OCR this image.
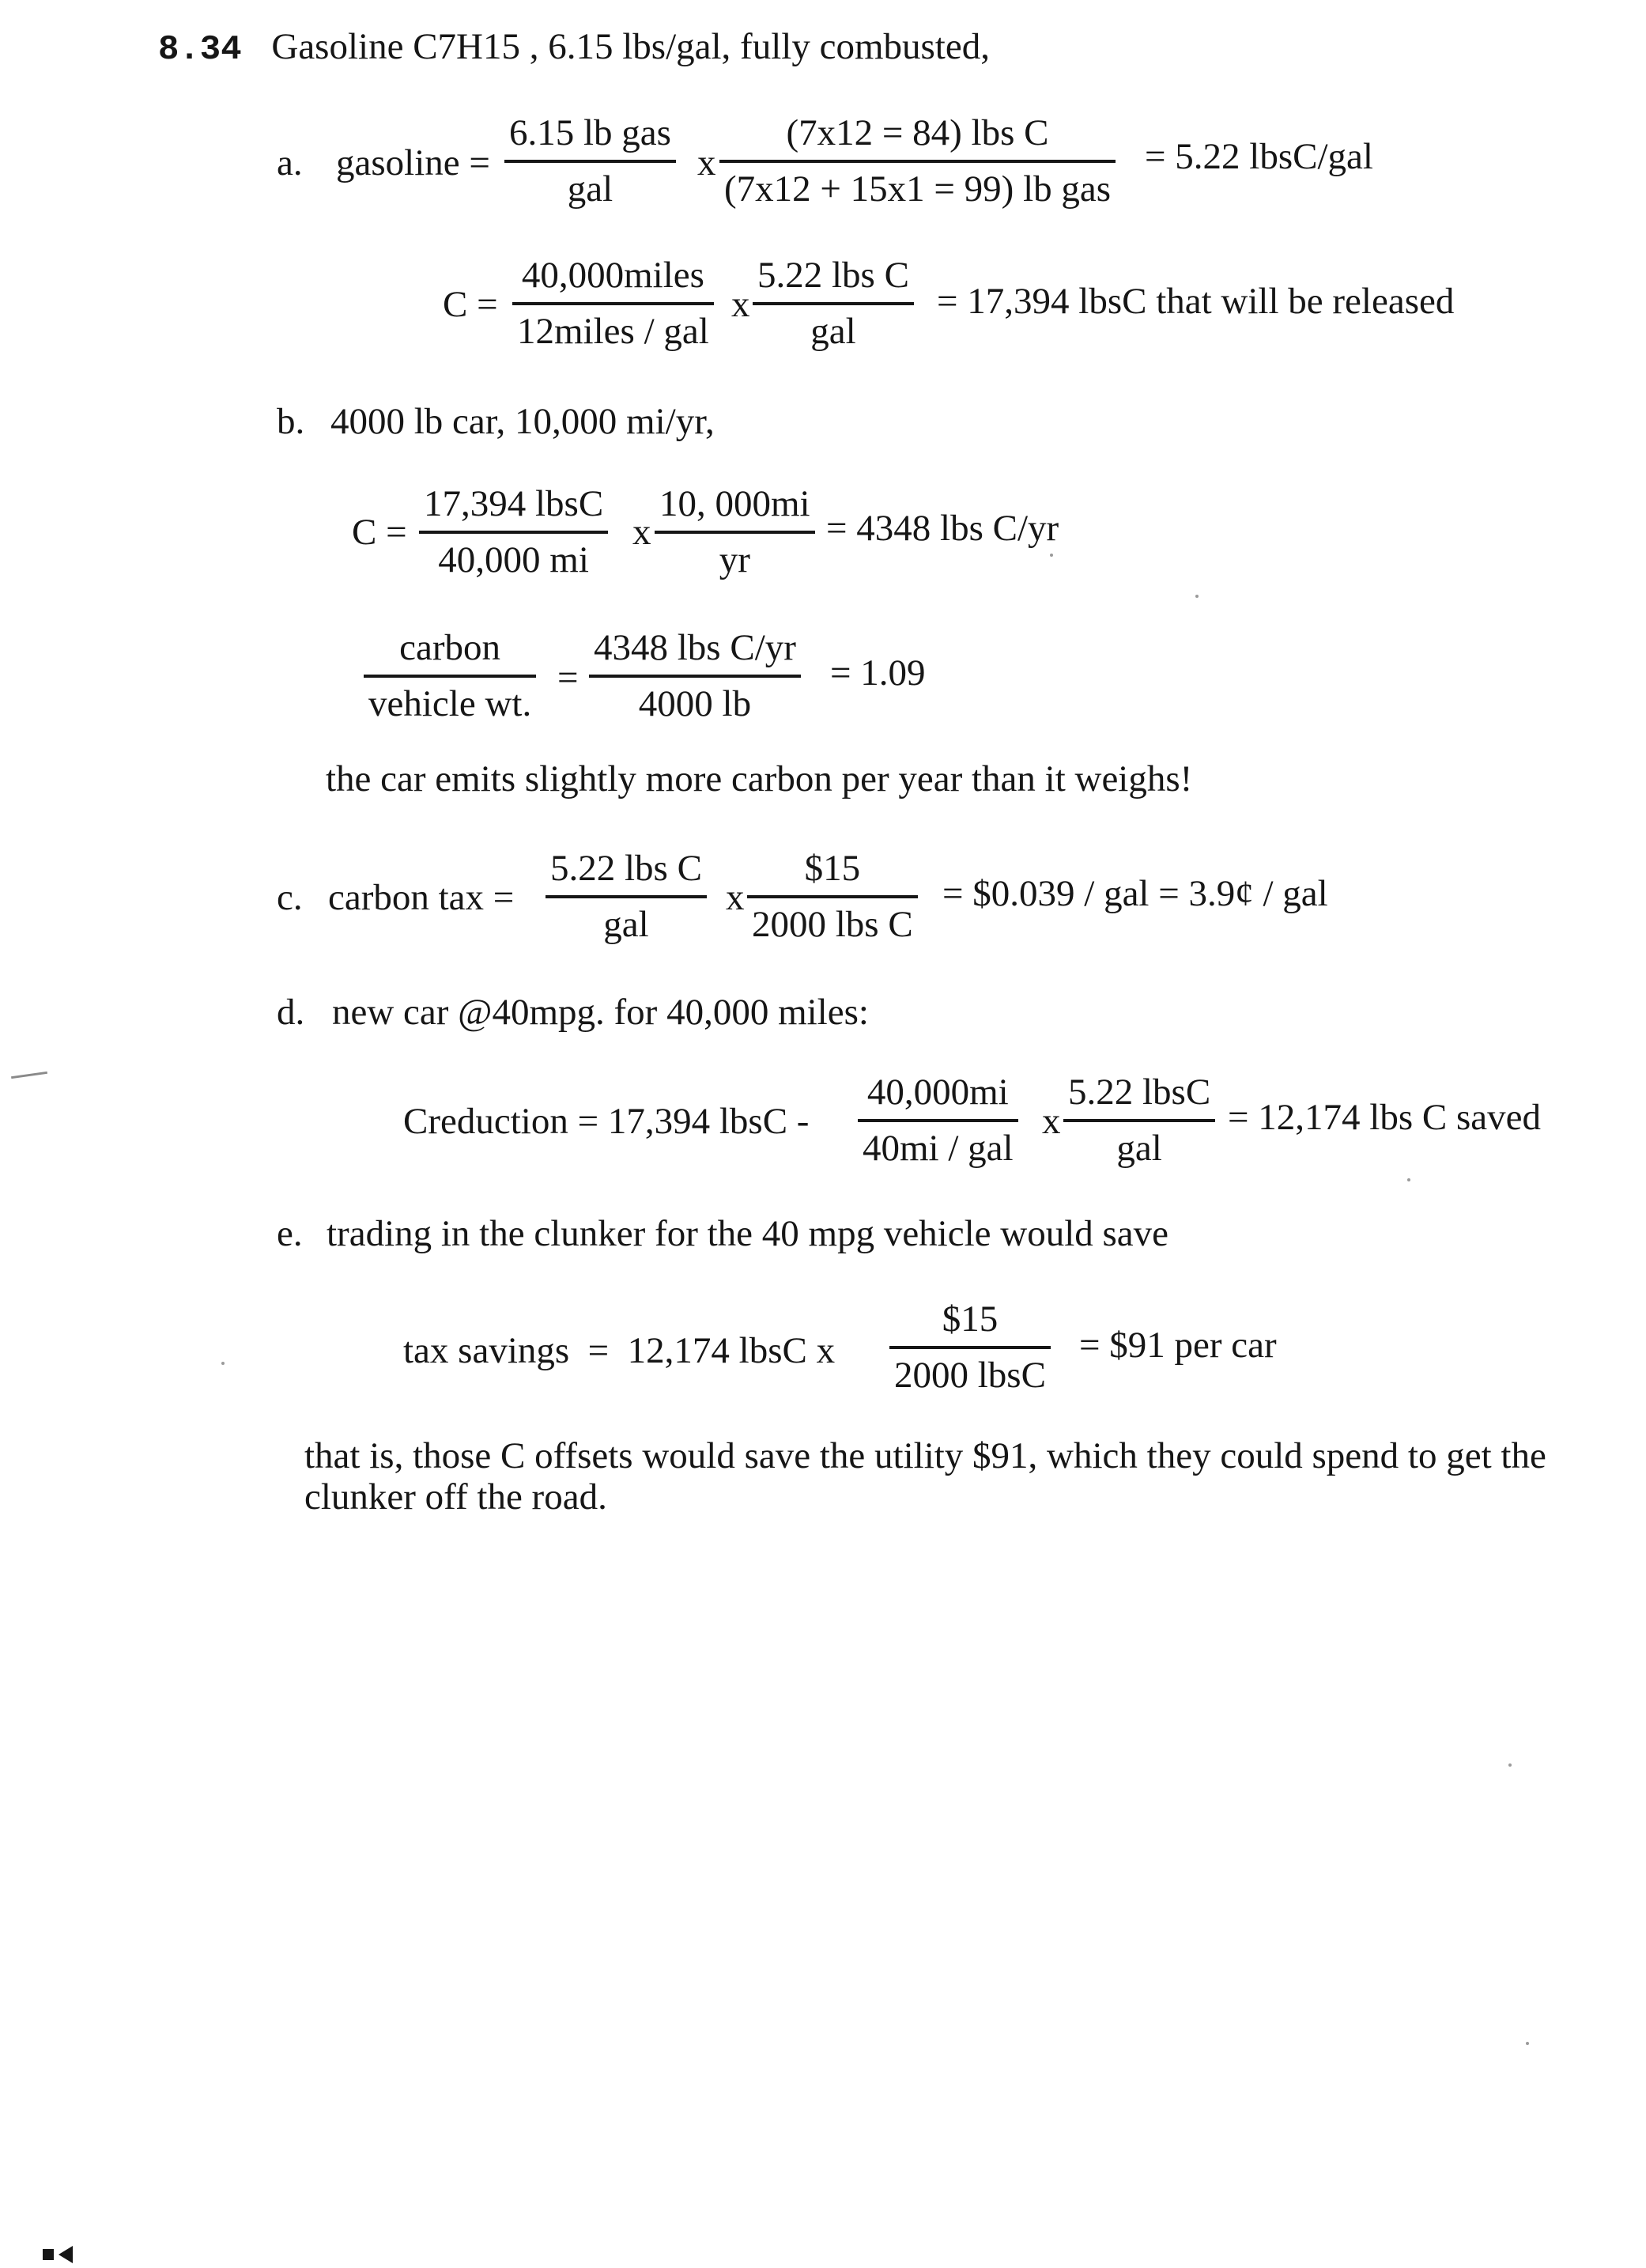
8.34 Gasoline C7H15 , 6.15 lbs/gal, fully combusted,
a. gasoline =
6.15 lb gas
gal
x
(7x12 = 84) lbs C
(7x12 + 15x1 = 99) lb gas
= 5.22 lbsC/gal
C =
40,000miles
12miles / gal
x
5.22 lbs C
gal
= 17,394 lbsC that will be released
b. 4000 lb car, 10,000 mi/yr,
C =
17,394 lbsC
40,000 mi
x
10, 000mi
yr
= 4348 lbs C/yr
carbon
vehicle wt.
=
4348 lbs C/yr
4000 lb
= 1.09
the car emits slightly more carbon per year than it weighs!
c. carbon tax =
5.22 lbs C
gal
x
$15
2000 lbs C
= $0.039 / gal = 3.9¢ / gal
d. new car @40mpg. for 40,000 miles:
Creduction = 17,394 lbsC -
40,000mi
40mi / gal
x
5.22 lbsC
gal
= 12,174 lbs C saved
e. trading in the clunker for the 40 mpg vehicle would save
tax savings  =  12,174 lbsC x
$15
2000 lbsC
= $91 per car
that is, those C offsets would save the utility $91, which they could spend to get the
clunker off the road.
